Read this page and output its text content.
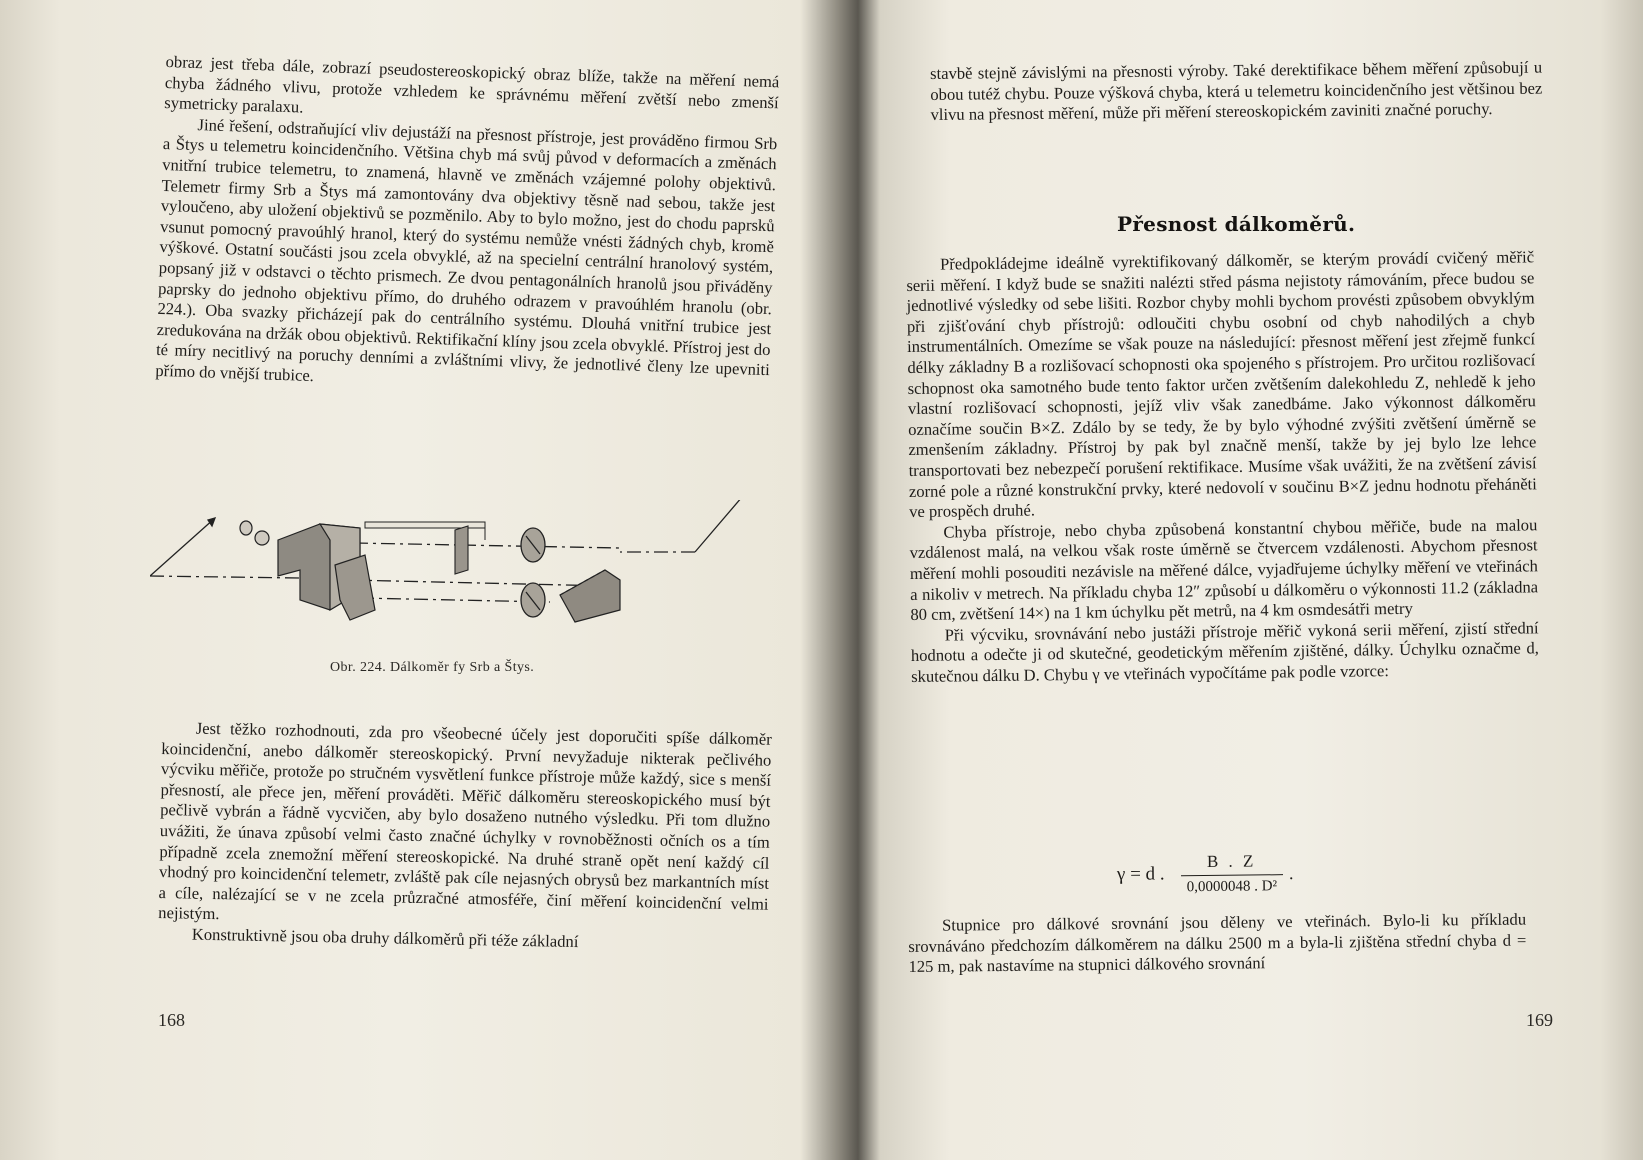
obraz jest třeba dále, zobrazí pseudostereoskopický obraz blíže, takže na měření nemá chyba žádného vlivu, protože vzhledem ke správnému měření zvětší nebo zmenší symetricky paralaxu.

Jiné řešení, odstraňující vliv dejustáží na přesnost přístroje, jest prováděno firmou Srb a Štys u telemetru koincidenčního. Většina chyb má svůj původ v deformacích a změnách vnitřní trubice telemetru, to znamená, hlavně ve změnách vzájemné polohy objektivů. Telemetr firmy Srb a Štys má zamontovány dva objektivy těsně nad sebou, takže jest vyloučeno, aby uložení objektivů se pozměnilo. Aby to bylo možno, jest do chodu paprsků vsunut pomocný pravoúhlý hranol, který do systému nemůže vnésti žádných chyb, kromě výškové. Ostatní součásti jsou zcela obvyklé, až na specielní centrální hranolový systém, popsaný již v odstavci o těchto prismech. Ze dvou pentagonálních hranolů jsou přiváděny paprsky do jednoho objektivu přímo, do druhého odrazem v pravoúhlém hranolu (obr. 224.). Oba svazky přicházejí pak do centrálního systému. Dlouhá vnitřní trubice jest zredukována na držák obou objektivů. Rektifikační klíny jsou zcela obvyklé. Přístroj jest do té míry necitlivý na poruchy denními a zvláštními vlivy, že jednotlivé členy lze upevniti přímo do vnější trubice.

Obr. 224. Dálkoměr fy Srb a Štys.

Jest těžko rozhodnouti, zda pro všeobecné účely jest doporučiti spíše dálkoměr koincidenční, anebo dálkoměr stereoskopický. První nevyžaduje nikterak pečlivého výcviku měřiče, protože po stručném vysvětlení funkce přístroje může každý, sice s menší přesností, ale přece jen, měření prováděti. Měřič dálkoměru stereoskopického musí být pečlivě vybrán a řádně vycvičen, aby bylo dosaženo nutného výsledku. Při tom dlužno uvážiti, že únava způsobí velmi často značné úchylky v rovnoběžnosti očních os a tím případně zcela znemožní měření stereoskopické. Na druhé straně opět není každý cíl vhodný pro koincidenční telemetr, zvláště pak cíle nejasných obrysů bez markantních míst a cíle, nalézající se v ne zcela průzračné atmosféře, činí měření koincidenční velmi nejistým.

Konstruktivně jsou oba druhy dálkoměrů při téže základní

168

stavbě stejně závislými na přesnosti výroby. Také derektifikace během měření způsobují u obou tutéž chybu. Pouze výšková chyba, která u telemetru koincidenčního jest většinou bez vlivu na přesnost měření, může při měření stereoskopickém zaviniti značné poruchy.

Přesnost dálkoměrů.

Předpokládejme ideálně vyrektifikovaný dálkoměr, se kterým provádí cvičený měřič serii měření. I když bude se snažiti nalézti střed pásma nejistoty rámováním, přece budou se jednotlivé výsledky od sebe lišiti. Rozbor chyby mohli bychom provésti způsobem obvyklým při zjišťování chyb přístrojů: odloučiti chybu osobní od chyb nahodilých a chyb instrumentálních. Omezíme se však pouze na následující: přesnost měření jest zřejmě funkcí délky základny B a rozlišovací schopnosti oka spojeného s přístrojem. Pro určitou rozlišovací schopnost oka samotného bude tento faktor určen zvětšením dalekohledu Z, nehledě k jeho vlastní rozlišovací schopnosti, jejíž vliv však zanedbáme. Jako výkonnost dálkoměru označíme součin B×Z. Zdálo by se tedy, že by bylo výhodné zvýšiti zvětšení úměrně se zmenšením základny. Přístroj by pak byl značně menší, takže by jej bylo lze lehce transportovati bez nebezpečí porušení rektifikace. Musíme však uvážiti, že na zvětšení závisí zorné pole a různé konstrukční prvky, které nedovolí v součinu B×Z jednu hodnotu přeháněti ve prospěch druhé.

Chyba přístroje, nebo chyba způsobená konstantní chybou měřiče, bude na malou vzdálenost malá, na velkou však roste úměrně se čtvercem vzdálenosti. Abychom přesnost měření mohli posouditi nezávisle na měřené dálce, vyjadřujeme úchylky měření ve vteřinách a nikoliv v metrech. Na příkladu chyba 12″ způsobí u dálkoměru o výkonnosti 11.2 (základna 80 cm, zvětšení 14×) na 1 km úchylku pět metrů, na 4 km osmdesátři metry

Při výcviku, srovnávání nebo justáži přístroje měřič vykoná serii měření, zjistí střední hodnotu a odečte ji od skutečné, geodetickým měřením zjištěné, dálky. Úchylku označme d, skutečnou dálku D. Chybu γ ve vteřinách vypočítáme pak podle vzorce:

γ = d . $\frac{B . Z}{\text{0,0000048 . D²}}$ .

Stupnice pro dálkové srovnání jsou děleny ve vteřinách. Bylo-li ku příkladu srovnáváno předchozím dálkoměrem na dálku 2500 m a byla-li zjištěna střední chyba d = 125 m, pak nastavíme na stupnici dálkového srovnání

169
